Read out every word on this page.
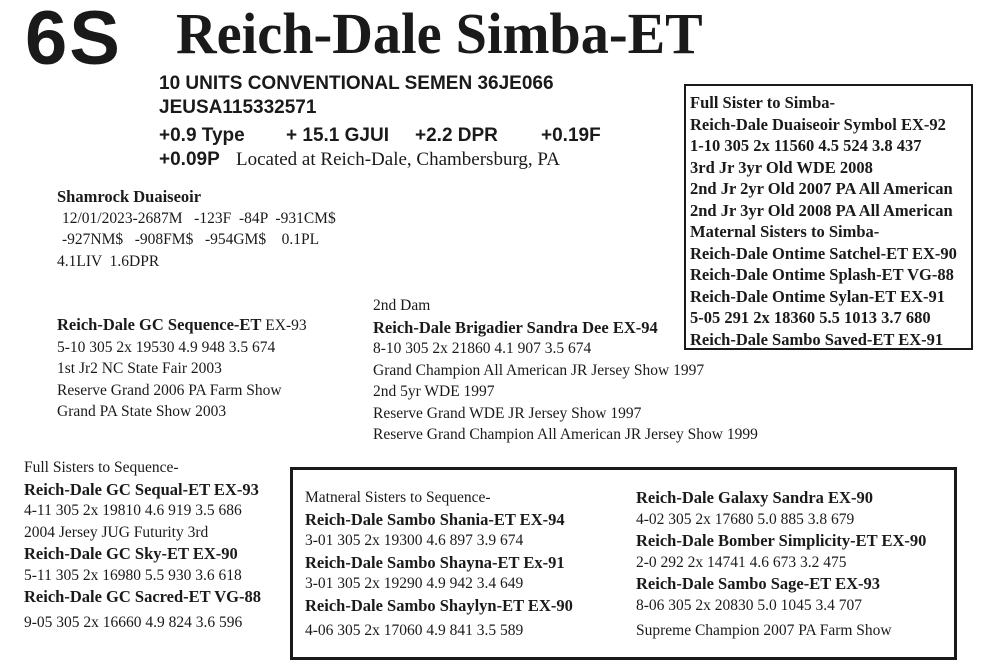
6S Reich-Dale Simba-ET
10 UNITS CONVENTIONAL SEMEN 36JE066
JEUSA115332571
+0.9 Type + 15.1 GJUI +2.2 DPR +0.19F
+0.09P Located at Reich-Dale, Chambersburg, PA
Shamrock Duaiseoir
12/01/2023-2687M   -123F  -84P  -931CM$
-927NM$   -908FM$   -954GM$    0.1PL
4.1LIV  1.6DPR
Full Sister to Simba-
Reich-Dale Duaiseoir Symbol EX-92
1-10 305 2x 11560 4.5 524 3.8 437
3rd Jr 3yr Old WDE 2008
2nd Jr 2yr Old 2007 PA All American
2nd Jr 3yr Old 2008 PA All American
Maternal Sisters to Simba-
Reich-Dale Ontime Satchel-ET EX-90
Reich-Dale Ontime Splash-ET VG-88
Reich-Dale Ontime Sylan-ET EX-91
5-05 291 2x 18360 5.5 1013 3.7 680
Reich-Dale Sambo Saved-ET EX-91
Reich-Dale GC Sequence-ET EX-93
5-10 305 2x 19530 4.9 948 3.5 674
1st Jr2 NC State Fair 2003
Reserve Grand 2006 PA Farm Show
Grand PA State Show 2003
2nd Dam
Reich-Dale Brigadier Sandra Dee EX-94
8-10 305 2x 21860 4.1 907 3.5 674
Grand Champion All American JR Jersey Show 1997
2nd 5yr WDE 1997
Reserve Grand WDE JR Jersey Show 1997
Reserve Grand Champion All American JR Jersey Show 1999
Full Sisters to Sequence-
Reich-Dale GC Sequal-ET EX-93
4-11 305 2x 19810 4.6 919 3.5 686
2004 Jersey JUG Futurity 3rd
Reich-Dale GC Sky-ET EX-90
5-11 305 2x 16980 5.5 930 3.6 618
Reich-Dale GC Sacred-ET VG-88
9-05 305 2x 16660 4.9 824 3.6 596
Matneral Sisters to Sequence-
Reich-Dale Sambo Shania-ET EX-94
3-01 305 2x 19300 4.6 897 3.9 674
Reich-Dale Sambo Shayna-ET Ex-91
3-01 305 2x 19290 4.9 942 3.4 649
Reich-Dale Sambo Shaylyn-ET EX-90
4-06 305 2x 17060 4.9 841 3.5 589
Reich-Dale Galaxy Sandra EX-90
4-02 305 2x 17680 5.0 885 3.8 679
Reich-Dale Bomber Simplicity-ET EX-90
2-0 292 2x 14741 4.6 673 3.2 475
Reich-Dale Sambo Sage-ET EX-93
8-06 305 2x 20830 5.0 1045 3.4 707
Supreme Champion 2007 PA Farm Show
